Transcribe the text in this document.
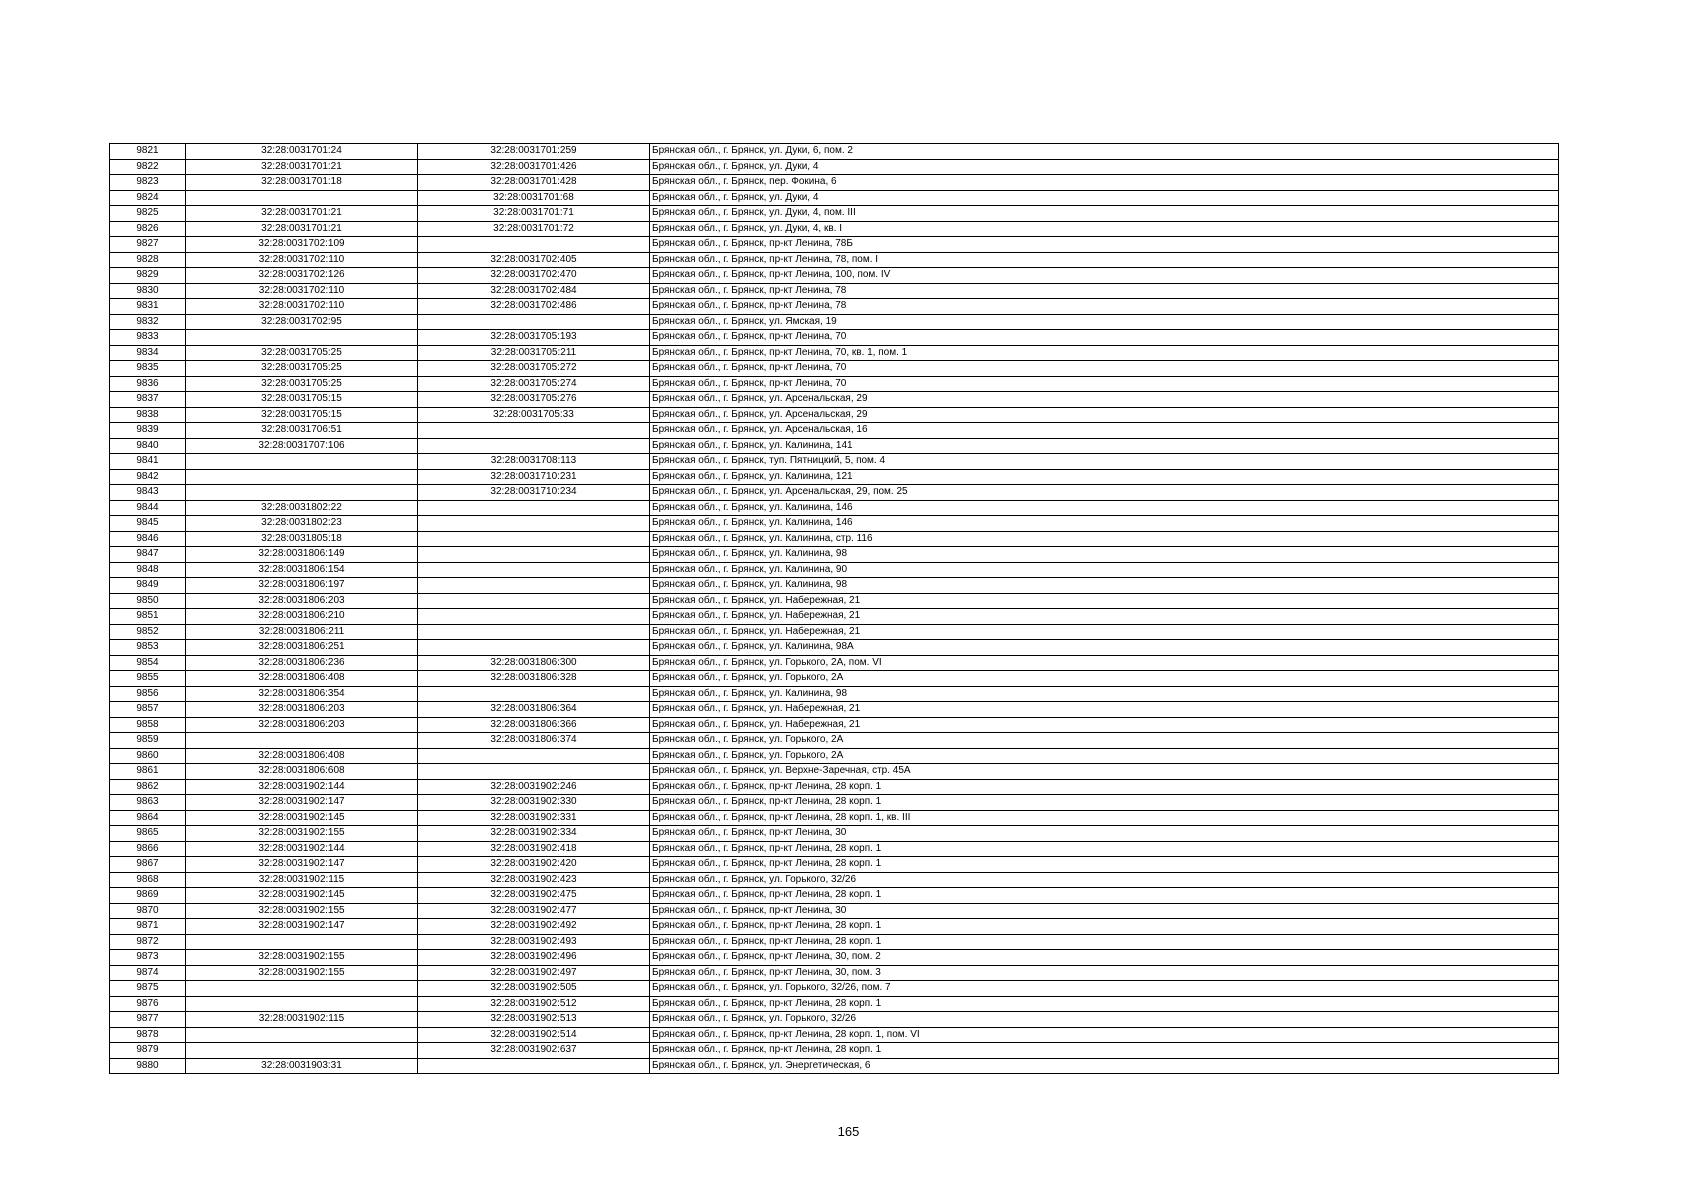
9821	32:28:0031701:24	32:28:0031701:259	Брянская обл., г. Брянск, ул. Дуки, 6, пом. 2
9822	32:28:0031701:21	32:28:0031701:426	Брянская обл., г. Брянск, ул. Дуки, 4
9823	32:28:0031701:18	32:28:0031701:428	Брянская обл., г. Брянск, пер. Фокина, 6
9824		32:28:0031701:68	Брянская обл., г. Брянск, ул. Дуки, 4
9825	32:28:0031701:21	32:28:0031701:71	Брянская обл., г. Брянск, ул. Дуки, 4, пом. III
9826	32:28:0031701:21	32:28:0031701:72	Брянская обл., г. Брянск, ул. Дуки, 4, кв. I
9827	32:28:0031702:109		Брянская обл., г. Брянск, пр-кт Ленина, 78Б
9828	32:28:0031702:110	32:28:0031702:405	Брянская обл., г. Брянск, пр-кт Ленина, 78, пом. I
9829	32:28:0031702:126	32:28:0031702:470	Брянская обл., г. Брянск, пр-кт Ленина, 100, пом. IV
9830	32:28:0031702:110	32:28:0031702:484	Брянская обл., г. Брянск, пр-кт Ленина, 78
9831	32:28:0031702:110	32:28:0031702:486	Брянская обл., г. Брянск, пр-кт Ленина, 78
9832	32:28:0031702:95		Брянская обл., г. Брянск, ул. Ямская, 19
9833		32:28:0031705:193	Брянская обл., г. Брянск, пр-кт Ленина, 70
9834	32:28:0031705:25	32:28:0031705:211	Брянская обл., г. Брянск, пр-кт Ленина, 70, кв. 1, пом. 1
9835	32:28:0031705:25	32:28:0031705:272	Брянская обл., г. Брянск, пр-кт Ленина, 70
9836	32:28:0031705:25	32:28:0031705:274	Брянская обл., г. Брянск, пр-кт Ленина, 70
9837	32:28:0031705:15	32:28:0031705:276	Брянская обл., г. Брянск, ул. Арсенальская, 29
9838	32:28:0031705:15	32:28:0031705:33	Брянская обл., г. Брянск, ул. Арсенальская, 29
9839	32:28:0031706:51		Брянская обл., г. Брянск, ул. Арсенальская, 16
9840	32:28:0031707:106		Брянская обл., г. Брянск, ул. Калинина, 141
9841		32:28:0031708:113	Брянская обл., г. Брянск, туп. Пятницкий, 5, пом. 4
9842		32:28:0031710:231	Брянская обл., г. Брянск, ул. Калинина, 121
9843		32:28:0031710:234	Брянская обл., г. Брянск, ул. Арсенальская, 29, пом. 25
9844	32:28:0031802:22		Брянская обл., г. Брянск, ул. Калинина, 146
9845	32:28:0031802:23		Брянская обл., г. Брянск, ул. Калинина, 146
9846	32:28:0031805:18		Брянская обл., г. Брянск, ул. Калинина, стр. 116
9847	32:28:0031806:149		Брянская обл., г. Брянск, ул. Калинина, 98
9848	32:28:0031806:154		Брянская обл., г. Брянск, ул. Калинина, 90
9849	32:28:0031806:197		Брянская обл., г. Брянск, ул. Калинина, 98
9850	32:28:0031806:203		Брянская обл., г. Брянск, ул. Набережная, 21
9851	32:28:0031806:210		Брянская обл., г. Брянск, ул. Набережная, 21
9852	32:28:0031806:211		Брянская обл., г. Брянск, ул. Набережная, 21
9853	32:28:0031806:251		Брянская обл., г. Брянск, ул. Калинина, 98А
9854	32:28:0031806:236	32:28:0031806:300	Брянская обл., г. Брянск, ул. Горького, 2А, пом. VI
9855	32:28:0031806:408	32:28:0031806:328	Брянская обл., г. Брянск, ул. Горького, 2А
9856	32:28:0031806:354		Брянская обл., г. Брянск, ул. Калинина, 98
9857	32:28:0031806:203	32:28:0031806:364	Брянская обл., г. Брянск, ул. Набережная, 21
9858	32:28:0031806:203	32:28:0031806:366	Брянская обл., г. Брянск, ул. Набережная, 21
9859		32:28:0031806:374	Брянская обл., г. Брянск, ул. Горького, 2А
9860	32:28:0031806:408		Брянская обл., г. Брянск, ул. Горького, 2А
9861	32:28:0031806:608		Брянская обл., г. Брянск, ул. Верхне-Заречная, стр. 45А
9862	32:28:0031902:144	32:28:0031902:246	Брянская обл., г. Брянск, пр-кт Ленина, 28 корп. 1
9863	32:28:0031902:147	32:28:0031902:330	Брянская обл., г. Брянск, пр-кт Ленина, 28 корп. 1
9864	32:28:0031902:145	32:28:0031902:331	Брянская обл., г. Брянск, пр-кт Ленина, 28 корп. 1, кв. III
9865	32:28:0031902:155	32:28:0031902:334	Брянская обл., г. Брянск, пр-кт Ленина, 30
9866	32:28:0031902:144	32:28:0031902:418	Брянская обл., г. Брянск, пр-кт Ленина, 28 корп. 1
9867	32:28:0031902:147	32:28:0031902:420	Брянская обл., г. Брянск, пр-кт Ленина, 28 корп. 1
9868	32:28:0031902:115	32:28:0031902:423	Брянская обл., г. Брянск, ул. Горького, 32/26
9869	32:28:0031902:145	32:28:0031902:475	Брянская обл., г. Брянск, пр-кт Ленина, 28 корп. 1
9870	32:28:0031902:155	32:28:0031902:477	Брянская обл., г. Брянск, пр-кт Ленина, 30
9871	32:28:0031902:147	32:28:0031902:492	Брянская обл., г. Брянск, пр-кт Ленина, 28 корп. 1
9872		32:28:0031902:493	Брянская обл., г. Брянск, пр-кт Ленина, 28 корп. 1
9873	32:28:0031902:155	32:28:0031902:496	Брянская обл., г. Брянск, пр-кт Ленина, 30, пом. 2
9874	32:28:0031902:155	32:28:0031902:497	Брянская обл., г. Брянск, пр-кт Ленина, 30, пом. 3
9875		32:28:0031902:505	Брянская обл., г. Брянск, ул. Горького, 32/26, пом. 7
9876		32:28:0031902:512	Брянская обл., г. Брянск, пр-кт Ленина, 28 корп. 1
9877	32:28:0031902:115	32:28:0031902:513	Брянская обл., г. Брянск, ул. Горького, 32/26
9878		32:28:0031902:514	Брянская обл., г. Брянск, пр-кт Ленина, 28 корп. 1, пом. VI
9879		32:28:0031902:637	Брянская обл., г. Брянск, пр-кт Ленина, 28 корп. 1
9880	32:28:0031903:31		Брянская обл., г. Брянск, ул. Энергетическая, 6
165
